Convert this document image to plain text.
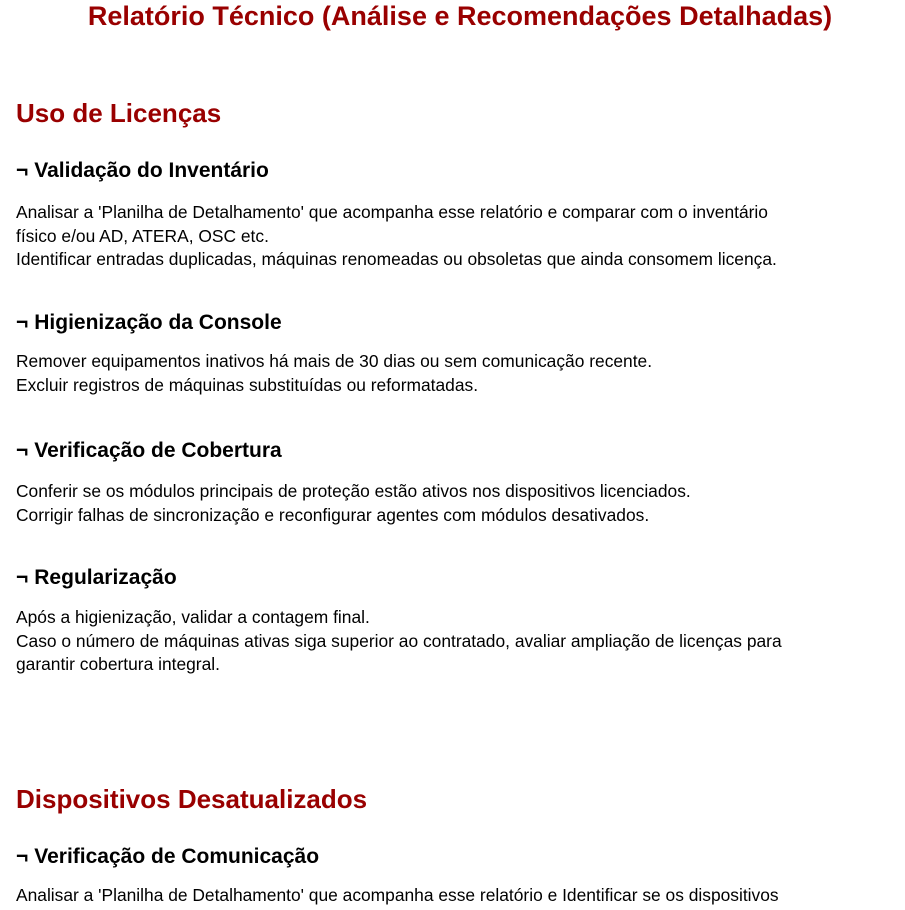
Relatório Técnico (Análise e Recomendações Detalhadas)
Uso de Licenças
¬ Validação do Inventário
Analisar a 'Planilha de Detalhamento' que acompanha esse relatório e comparar com o inventário
físico e/ou AD, ATERA, OSC etc.
Identificar entradas duplicadas, máquinas renomeadas ou obsoletas que ainda consomem licença.
¬ Higienização da Console
Remover equipamentos inativos há mais de 30 dias ou sem comunicação recente.
Excluir registros de máquinas substituídas ou reformatadas.
¬ Verificação de Cobertura
Conferir se os módulos principais de proteção estão ativos nos dispositivos licenciados.
Corrigir falhas de sincronização e reconfigurar agentes com módulos desativados.
¬ Regularização
Após a higienização, validar a contagem final.
Caso o número de máquinas ativas siga superior ao contratado, avaliar ampliação de licenças para
garantir cobertura integral.
Dispositivos Desatualizados
¬ Verificação de Comunicação
Analisar a 'Planilha de Detalhamento' que acompanha esse relatório e Identificar se os dispositivos
